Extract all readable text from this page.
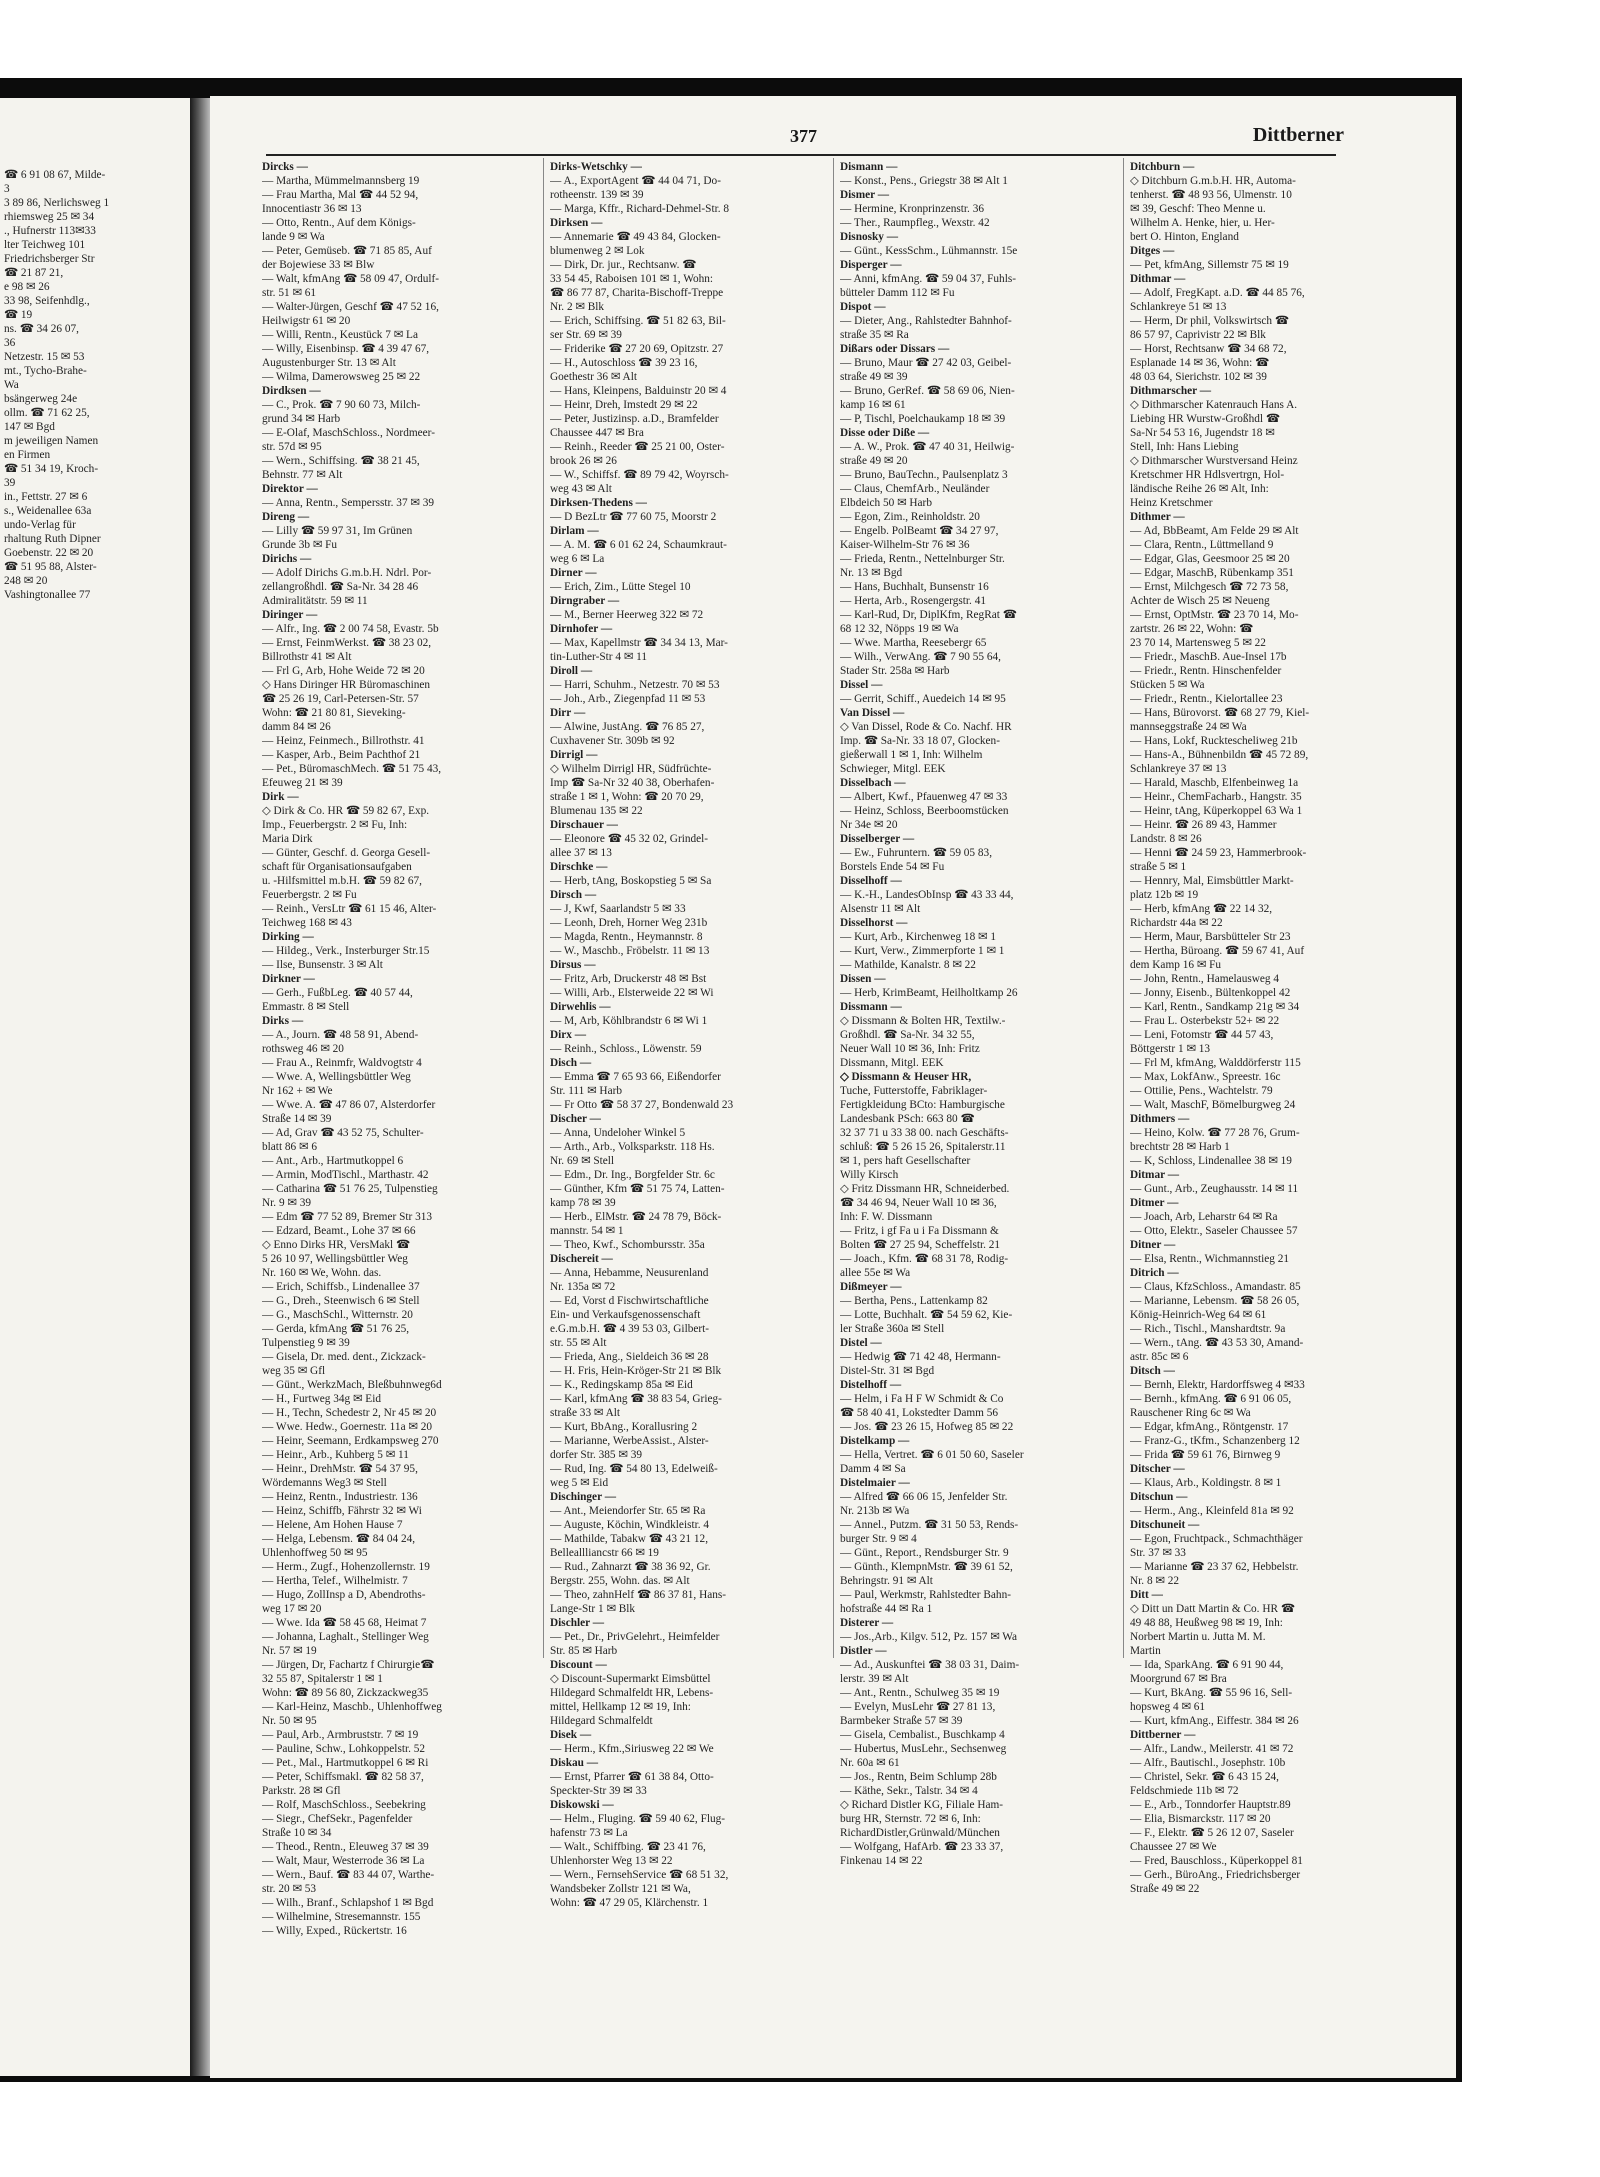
☎ 6 91 08 67, Milde-
3
3 89 86, Nerlichsweg 1
rhiemsweg 25 ✉ 34
., Hufnerstr 113✉33
lter Teichweg 101
Friedrichsberger Str
☎ 21 87 21,
e 98 ✉ 26
33 98, Seifenhdlg.,
☎ 19
ns. ☎ 34 26 07,
36
Netzestr. 15 ✉ 53
mt., Tycho-Brahe-
Wa
bsängerweg 24e
ollm. ☎ 71 62 25,
147 ✉ Bgd
m jeweiligen Namen
en Firmen
☎ 51 34 19, Kroch-
39
in., Fettstr. 27 ✉ 6
s., Weidenallee 63a
undo-Verlag für
rhaltung Ruth Dipner
Goebenstr. 22 ✉ 20
☎ 51 95 88, Alster-
248 ✉ 20
Vashingtonallee 77
377	Dittberner
Dircks —
— Martha, Mümmelmannsberg 19
— Frau Martha, Mal ☎ 44 52 94,
Innocentiastr 36 ✉ 13
— Otto, Rentn., Auf dem Königs-
lande 9 ✉ Wa
— Peter, Gemüseb. ☎ 71 85 85, Auf
der Bojewiese 33 ✉ Blw
— Walt, kfmAng ☎ 58 09 47, Ordulf-
str. 51 ✉ 61
— Walter-Jürgen, Geschf ☎ 47 52 16,
Heilwigstr 61 ✉ 20
— Willi, Rentn., Keustück 7 ✉ La
— Willy, Eisenbinsp. ☎ 4 39 47 67,
Augustenburger Str. 13 ✉ Alt
— Wilma, Damerowsweg 25 ✉ 22
Dirdksen —
— C., Prok. ☎ 7 90 60 73, Milch-
grund 34 ✉ Harb
— E-Olaf, MaschSchloss., Nordmeer-
str. 57d ✉ 95
— Wern., Schiffsing. ☎ 38 21 45,
Behnstr. 77 ✉ Alt
Direktor —
— Anna, Rentn., Sempersstr. 37 ✉ 39
Direng —
— Lilly ☎ 59 97 31, Im Grünen
Grunde 3b ✉ Fu
Dirichs —
— Adolf Dirichs G.m.b.H. Ndrl. Por-
zellangroßhdl. ☎ Sa-Nr. 34 28 46
Admiralitätstr. 59 ✉ 11
Diringer —
— Alfr., Ing. ☎ 2 00 74 58, Evastr. 5b
— Ernst, FeinmWerkst. ☎ 38 23 02,
Billrothstr 41 ✉ Alt
— Frl G, Arb, Hohe Weide 72 ✉ 20
◇ Hans Diringer HR Büromaschinen
☎ 25 26 19, Carl-Petersen-Str. 57
Wohn: ☎ 21 80 81, Sieveking-
damm 84 ✉ 26
— Heinz, Feinmech., Billrothstr. 41
— Kasper, Arb., Beim Pachthof 21
— Pet., BüromaschMech. ☎ 51 75 43,
Efeuweg 21 ✉ 39
Dirk —
◇ Dirk & Co. HR ☎ 59 82 67, Exp.
Imp., Feuerbergstr. 2 ✉ Fu, Inh:
Maria Dirk
— Günter, Geschf. d. Georga Gesell-
schaft für Organisationsaufgaben
u. -Hilfsmittel m.b.H. ☎ 59 82 67,
Feuerbergstr. 2 ✉ Fu
— Reinh., VersLtr ☎ 61 15 46, Alter-
Teichweg 168 ✉ 43
Dirking —
— Hildeg., Verk., Insterburger Str.15
— Ilse, Bunsenstr. 3 ✉ Alt
Dirkner —
— Gerh., FußbLeg. ☎ 40 57 44,
Emmastr. 8 ✉ Stell
Dirks —
— A., Journ. ☎ 48 58 91, Abend-
rothsweg 46 ✉ 20
— Frau A., Reinmfr, Waldvogtstr 4
— Wwe. A, Wellingsbüttler Weg
Nr 162 + ✉ We
— Wwe. A. ☎ 47 86 07, Alsterdorfer
Straße 14 ✉ 39
— Ad, Grav ☎ 43 52 75, Schulter-
blatt 86 ✉ 6
— Ant., Arb., Hartmutkoppel 6
— Armin, ModTischl., Marthastr. 42
— Catharina ☎ 51 76 25, Tulpenstieg
Nr. 9 ✉ 39
— Edm ☎ 77 52 89, Bremer Str 313
— Edzard, Beamt., Lohe 37 ✉ 66
◇ Enno Dirks HR, VersMakl ☎
5 26 10 97, Wellingsbüttler Weg
Nr. 160 ✉ We, Wohn. das.
— Erich, Schiffsb., Lindenallee 37
— G., Dreh., Steenwisch 6 ✉ Stell
— G., MaschSchl., Witternstr. 20
— Gerda, kfmAng ☎ 51 76 25,
Tulpenstieg 9 ✉ 39
— Gisela, Dr. med. dent., Zickzack-
weg 35 ✉ Gfl
— Günt., WerkzMach, Bleßbuhnweg6d
— H., Furtweg 34g ✉ Eid
— H., Techn, Schedestr 2, Nr 45 ✉ 20
— Wwe. Hedw., Goernestr. 11a ✉ 20
— Heinr, Seemann, Erdkampsweg 270
— Heinr., Arb., Kuhberg 5 ✉ 11
— Heinr., DrehMstr. ☎ 54 37 95,
Wördemanns Weg3 ✉ Stell
— Heinz, Rentn., Industriestr. 136
— Heinz, Schiffb, Fährstr 32 ✉ Wi
— Helene, Am Hohen Hause 7
— Helga, Lebensm. ☎ 84 04 24,
Uhlenhoffweg 50 ✉ 95
— Herm., Zugf., Hohenzollernstr. 19
— Hertha, Telef., Wilhelmistr. 7
— Hugo, ZollInsp a D, Abendroths-
weg 17 ✉ 20
— Wwe. Ida ☎ 58 45 68, Heimat 7
— Johanna, Laghalt., Stellinger Weg
Nr. 57 ✉ 19
— Jürgen, Dr, Fachartz f Chirurgie☎
32 55 87, Spitalerstr 1 ✉ 1
Wohn: ☎ 89 56 80, Zickzackweg35
— Karl-Heinz, Maschb., Uhlenhoffweg
Nr. 50 ✉ 95
— Paul, Arb., Armbruststr. 7 ✉ 19
— Pauline, Schw., Lohkoppelstr. 52
— Pet., Mal., Hartmutkoppel 6 ✉ Ri
— Peter, Schiffsmakl. ☎ 82 58 37,
Parkstr. 28 ✉ Gfl
— Rolf, MaschSchloss., Seebekring
— Siegr., ChefSekr., Pagenfelder
Straße 10 ✉ 34
— Theod., Rentn., Eleuweg 37 ✉ 39
— Walt, Maur, Westerrode 36 ✉ La
— Wern., Bauf. ☎ 83 44 07, Warthe-
str. 20 ✉ 53
— Wilh., Branf., Schlapshof 1 ✉ Bgd
— Wilhelmine, Stresemannstr. 155
— Willy, Exped., Rückertstr. 16
Dirks-Wetschky —
— A., ExportAgent ☎ 44 04 71, Do-
rotheenstr. 139 ✉ 39
— Marga, Kffr., Richard-Dehmel-Str. 8
Dirksen —
— Annemarie ☎ 49 43 84, Glocken-
blumenweg 2 ✉ Lok
— Dirk, Dr. jur., Rechtsanw. ☎
33 54 45, Raboisen 101 ✉ 1, Wohn:
☎ 86 77 87, Charita-Bischoff-Treppe
Nr. 2 ✉ Blk
— Erich, Schiffsing. ☎ 51 82 63, Bil-
ser Str. 69 ✉ 39
— Friderike ☎ 27 20 69, Opitzstr. 27
— H., Autoschloss ☎ 39 23 16,
Goethestr 36 ✉ Alt
— Hans, Kleinpens, Balduinstr 20 ✉ 4
— Heinr, Dreh, Imstedt 29 ✉ 22
— Peter, Justizinsp. a.D., Bramfelder
Chaussee 447 ✉ Bra
— Reinh., Reeder ☎ 25 21 00, Oster-
brook 26 ✉ 26
— W., Schiffsf. ☎ 89 79 42, Woyrsch-
weg 43 ✉ Alt
Dirksen-Thedens —
— D BezLtr ☎ 77 60 75, Moorstr 2
Dirlam —
— A. M. ☎ 6 01 62 24, Schaumkraut-
weg 6 ✉ La
Dirner —
— Erich, Zim., Lütte Stegel 10
Dirngraber —
— M., Berner Heerweg 322 ✉ 72
Dirnhofer —
— Max, Kapellmstr ☎ 34 34 13, Mar-
tin-Luther-Str 4 ✉ 11
Diroll —
— Harri, Schuhm., Netzestr. 70 ✉ 53
— Joh., Arb., Ziegenpfad 11 ✉ 53
Dirr —
— Alwine, JustAng. ☎ 76 85 27,
Cuxhavener Str. 309b ✉ 92
Dirrigl —
◇ Wilhelm Dirrigl HR, Südfrüchte-
Imp ☎ Sa-Nr 32 40 38, Oberhafen-
straße 1 ✉ 1, Wohn: ☎ 20 70 29,
Blumenau 135 ✉ 22
Dirschauer —
— Eleonore ☎ 45 32 02, Grindel-
allee 37 ✉ 13
Dirschke —
— Herb, tAng, Boskopstieg 5 ✉ Sa
Dirsch —
— J, Kwf, Saarlandstr 5 ✉ 33
— Leonh, Dreh, Horner Weg 231b
— Magda, Rentn., Heymannstr. 8
— W., Maschb., Fröbelstr. 11 ✉ 13
Dirsus —
— Fritz, Arb, Druckerstr 48 ✉ Bst
— Willi, Arb., Elsterweide 22 ✉ Wi
Dirwehlis —
— M, Arb, Köhlbrandstr 6 ✉ Wi 1
Dirx —
— Reinh., Schloss., Löwenstr. 59
Disch —
— Emma ☎ 7 65 93 66, Eißendorfer
Str. 111 ✉ Harb
— Fr Otto ☎ 58 37 27, Bondenwald 23
Discher —
— Anna, Undeloher Winkel 5
— Arth., Arb., Volksparkstr. 118 Hs.
Nr. 69 ✉ Stell
— Edm., Dr. Ing., Borgfelder Str. 6c
— Günther, Kfm ☎ 51 75 74, Latten-
kamp 78 ✉ 39
— Herb., ElMstr. ☎ 24 78 79, Böck-
mannstr. 54 ✉ 1
— Theo, Kwf., Schombursstr. 35a
Dischereit —
— Anna, Hebamme, Neusurenland
Nr. 135a ✉ 72
— Ed, Vorst d Fischwirtschaftliche
Ein- und Verkaufsgenossenschaft
e.G.m.b.H. ☎ 4 39 53 03, Gilbert-
str. 55 ✉ Alt
— Frieda, Ang., Sieldeich 36 ✉ 28
— H. Fris, Hein-Kröger-Str 21 ✉ Blk
— K., Redingskamp 85a ✉ Eid
— Karl, kfmAng ☎ 38 83 54, Grieg-
straße 33 ✉ Alt
— Kurt, BbAng., Korallusring 2
— Marianne, WerbeAssist., Alster-
dorfer Str. 385 ✉ 39
— Rud, Ing. ☎ 54 80 13, Edelweiß-
weg 5 ✉ Eid
Dischinger —
— Ant., Meiendorfer Str. 65 ✉ Ra
— Auguste, Köchin, Windkleistr. 4
— Mathilde, Tabakw ☎ 43 21 12,
Belleallliancstr 66 ✉ 19
— Rud., Zahnarzt ☎ 38 36 92, Gr.
Bergstr. 255, Wohn. das. ✉ Alt
— Theo, zahnHelf ☎ 86 37 81, Hans-
Lange-Str 1 ✉ Blk
Dischler —
— Pet., Dr., PrivGelehrt., Heimfelder
Str. 85 ✉ Harb
Discount —
◇ Discount-Supermarkt Eimsbüttel
Hildegard Schmalfeldt HR, Lebens-
mittel, Hellkamp 12 ✉ 19, Inh:
Hildegard Schmalfeldt
Disek —
— Herm., Kfm.,Siriusweg 22 ✉ We
Diskau —
— Ernst, Pfarrer ☎ 61 38 84, Otto-
Speckter-Str 39 ✉ 33
Diskowski —
— Helm., Fluging. ☎ 59 40 62, Flug-
hafenstr 73 ✉ La
— Walt., Schiffbing. ☎ 23 41 76,
Uhlenhorster Weg 13 ✉ 22
— Wern., FernsehService ☎ 68 51 32,
Wandsbeker Zollstr 121 ✉ Wa,
Wohn: ☎ 47 29 05, Klärchenstr. 1
Dismann —
— Konst., Pens., Griegstr 38 ✉ Alt 1
Dismer —
— Hermine, Kronprinzenstr. 36
— Ther., Raumpfleg., Wexstr. 42
Disnosky —
— Günt., KessSchm., Lühmannstr. 15e
Disperger —
— Anni, kfmAng. ☎ 59 04 37, Fuhls-
bütteler Damm 112 ✉ Fu
Dispot —
— Dieter, Ang., Rahlstedter Bahnhof-
straße 35 ✉ Ra
Dißars oder Dissars —
— Bruno, Maur ☎ 27 42 03, Geibel-
straße 49 ✉ 39
— Bruno, GerRef. ☎ 58 69 06, Nien-
kamp 16 ✉ 61
— P, Tischl, Poelchaukamp 18 ✉ 39
Disse oder Diße —
— A. W., Prok. ☎ 47 40 31, Heilwig-
straße 49 ✉ 20
— Bruno, BauTechn., Paulsenplatz 3
— Claus, ChemfArb., Neuländer
Elbdeich 50 ✉ Harb
— Egon, Zim., Reinholdstr. 20
— Engelb. PolBeamt ☎ 34 27 97,
Kaiser-Wilhelm-Str 76 ✉ 36
— Frieda, Rentn., Nettelnburger Str.
Nr. 13 ✉ Bgd
— Hans, Buchhalt, Bunsenstr 16
— Herta, Arb., Rosengergstr. 41
— Karl-Rud, Dr, DiplKfm, RegRat ☎
68 12 32, Nöpps 19 ✉ Wa
— Wwe. Martha, Reesebergr 65
— Wilh., VerwAng. ☎ 7 90 55 64,
Stader Str. 258a ✉ Harb
Dissel —
— Gerrit, Schiff., Auedeich 14 ✉ 95
Van Dissel —
◇ Van Dissel, Rode & Co. Nachf. HR
Imp. ☎ Sa-Nr. 33 18 07, Glocken-
gießerwall 1 ✉ 1, Inh: Wilhelm
Schwieger, Mitgl. EEK
Disselbach —
— Albert, Kwf., Pfauenweg 47 ✉ 33
— Heinz, Schloss, Beerboomstücken
Nr 34e ✉ 20
Disselberger —
— Ew., Fuhruntern. ☎ 59 05 83,
Borstels Ende 54 ✉ Fu
Disselhoff —
— K.-H., LandesObInsp ☎ 43 33 44,
Alsenstr 11 ✉ Alt
Disselhorst —
— Kurt, Arb., Kirchenweg 18 ✉ 1
— Kurt, Verw., Zimmerpforte 1 ✉ 1
— Mathilde, Kanalstr. 8 ✉ 22
Dissen —
— Herb, KrimBeamt, Heilholtkamp 26
Dissmann —
◇ Dissmann & Bolten HR, Textilw.-
Großhdl. ☎ Sa-Nr. 34 32 55,
Neuer Wall 10 ✉ 36, Inh: Fritz
Dissmann, Mitgl. EEK
◇ Dissmann & Heuser HR,
Tuche, Futterstoffe, Fabriklager-
Fertigkleidung BCto: Hamburgische
Landesbank PSch: 663 80 ☎
32 37 71 u 33 38 00. nach Geschäfts-
schluß: ☎ 5 26 15 26, Spitalerstr.11
✉ 1, pers haft Gesellschafter
Willy Kirsch
◇ Fritz Dissmann HR, Schneiderbed.
☎ 34 46 94, Neuer Wall 10 ✉ 36,
Inh: F. W. Dissmann
— Fritz, i gf Fa u i Fa Dissmann &
Bolten ☎ 27 25 94, Scheffelstr. 21
— Joach., Kfm. ☎ 68 31 78, Rodig-
allee 55e ✉ Wa
Dißmeyer —
— Bertha, Pens., Lattenkamp 82
— Lotte, Buchhalt. ☎ 54 59 62, Kie-
ler Straße 360a ✉ Stell
Distel —
— Hedwig ☎ 71 42 48, Hermann-
Distel-Str. 31 ✉ Bgd
Distelhoff —
— Helm, i Fa H F W Schmidt & Co
☎ 58 40 41, Lokstedter Damm 56
— Jos. ☎ 23 26 15, Hofweg 85 ✉ 22
Distelkamp —
— Hella, Vertret. ☎ 6 01 50 60, Saseler
Damm 4 ✉ Sa
Distelmaier —
— Alfred ☎ 66 06 15, Jenfelder Str.
Nr. 213b ✉ Wa
— Annel., Putzm. ☎ 31 50 53, Rends-
burger Str. 9 ✉ 4
— Günt., Report., Rendsburger Str. 9
— Günth., KlempnMstr. ☎ 39 61 52,
Behringstr. 91 ✉ Alt
— Paul, Werkmstr, Rahlstedter Bahn-
hofstraße 44 ✉ Ra 1
Disterer —
— Jos.,Arb., Kilgv. 512, Pz. 157 ✉ Wa
Distler —
— Ad., Auskunftei ☎ 38 03 31, Daim-
lerstr. 39 ✉ Alt
— Ant., Rentn., Schulweg 35 ✉ 19
— Evelyn, MusLehr ☎ 27 81 13,
Barmbeker Straße 57 ✉ 39
— Gisela, Cembalist., Buschkamp 4
— Hubertus, MusLehr., Sechsenweg
Nr. 60a ✉ 61
— Jos., Rentn, Beim Schlump 28b
— Käthe, Sekr., Talstr. 34 ✉ 4
◇ Richard Distler KG, Filiale Ham-
burg HR, Sternstr. 72 ✉ 6, Inh:
RichardDistler,Grünwald/München
— Wolfgang, HafArb. ☎ 23 33 37,
Finkenau 14 ✉ 22
Ditchburn —
◇ Ditchburn G.m.b.H. HR, Automa-
tenherst. ☎ 48 93 56, Ulmenstr. 10
✉ 39, Geschf: Theo Menne u.
Wilhelm A. Henke, hier, u. Her-
bert O. Hinton, England
Ditges —
— Pet, kfmAng, Sillemstr 75 ✉ 19
Dithmar —
— Adolf, FregKapt. a.D. ☎ 44 85 76,
Schlankreye 51 ✉ 13
— Herm, Dr phil, Volkswirtsch ☎
86 57 97, Caprivistr 22 ✉ Blk
— Horst, Rechtsanw ☎ 34 68 72,
Esplanade 14 ✉ 36, Wohn: ☎
48 03 64, Sierichstr. 102 ✉ 39
Dithmarscher —
◇ Dithmarscher Katenrauch Hans A.
Liebing HR Wurstw-Großhdl ☎
Sa-Nr 54 53 16, Jugendstr 18 ✉
Stell, Inh: Hans Liebing
◇ Dithmarscher Wurstversand Heinz
Kretschmer HR Hdlsvertrgn, Hol-
ländische Reihe 26 ✉ Alt, Inh:
Heinz Kretschmer
Dithmer —
— Ad, BbBeamt, Am Felde 29 ✉ Alt
— Clara, Rentn., Lüttmelland 9
— Edgar, Glas, Geesmoor 25 ✉ 20
— Edgar, MaschB, Rübenkamp 351
— Ernst, Milchgesch ☎ 72 73 58,
Achter de Wisch 25 ✉ Neueng
— Ernst, OptMstr. ☎ 23 70 14, Mo-
zartstr. 26 ✉ 22, Wohn: ☎
23 70 14, Martensweg 5 ✉ 22
— Friedr., MaschB. Aue-Insel 17b
— Friedr., Rentn. Hinschenfelder
Stücken 5 ✉ Wa
— Friedr., Rentn., Kielortallee 23
— Hans, Bürovorst. ☎ 68 27 79, Kiel-
mannseggstraße 24 ✉ Wa
— Hans, Lokf, Rucktescheliweg 21b
— Hans-A., Bühnenbildn ☎ 45 72 89,
Schlankreye 37 ✉ 13
— Harald, Maschb, Elfenbeinweg 1a
— Heinr., ChemFacharb., Hangstr. 35
— Heinr, tAng, Küperkoppel 63 Wa 1
— Heinr. ☎ 26 89 43, Hammer
Landstr. 8 ✉ 26
— Henni ☎ 24 59 23, Hammerbrook-
straße 5 ✉ 1
— Hennry, Mal, Eimsbüttler Markt-
platz 12b ✉ 19
— Herb, kfmAng ☎ 22 14 32,
Richardstr 44a ✉ 22
— Herm, Maur, Barsbütteler Str 23
— Hertha, Büroang. ☎ 59 67 41, Auf
dem Kamp 16 ✉ Fu
— John, Rentn., Hamelausweg 4
— Jonny, Eisenb., Bültenkoppel 42
— Karl, Rentn., Sandkamp 21g ✉ 34
— Frau L. Osterbekstr 52+ ✉ 22
— Leni, Fotomstr ☎ 44 57 43,
Böttgerstr 1 ✉ 13
— Frl M, kfmAng, Walddörferstr 115
— Max, LokfAnw., Spreestr. 16c
— Ottilie, Pens., Wachtelstr. 79
— Walt, MaschF, Bömelburgweg 24
Dithmers —
— Heino, Kolw. ☎ 77 28 76, Grum-
brechtstr 28 ✉ Harb 1
— K, Schloss, Lindenallee 38 ✉ 19
Ditmar —
— Gunt., Arb., Zeughausstr. 14 ✉ 11
Ditmer —
— Joach, Arb, Leharstr 64 ✉ Ra
— Otto, Elektr., Saseler Chaussee 57
Ditner —
— Elsa, Rentn., Wichmannstieg 21
Ditrich —
— Claus, KfzSchloss., Amandastr. 85
— Marianne, Lebensm. ☎ 58 26 05,
König-Heinrich-Weg 64 ✉ 61
— Rich., Tischl., Manshardtstr. 9a
— Wern., tAng. ☎ 43 53 30, Amand-
astr. 85c ✉ 6
Ditsch —
— Bernh, Elektr, Hardorffsweg 4 ✉33
— Bernh., kfmAng. ☎ 6 91 06 05,
Rauschener Ring 6c ✉ Wa
— Edgar, kfmAng., Röntgenstr. 17
— Franz-G., tKfm., Schanzenberg 12
— Frida ☎ 59 61 76, Birnweg 9
Ditscher —
— Klaus, Arb., Koldingstr. 8 ✉ 1
Ditschun —
— Herm., Ang., Kleinfeld 81a ✉ 92
Ditschuneit —
— Egon, Fruchtpack., Schmachthäger
Str. 37 ✉ 33
— Marianne ☎ 23 37 62, Hebbelstr.
Nr. 8 ✉ 22
Ditt —
◇ Ditt un Datt Martin & Co. HR ☎
49 48 88, Heußweg 98 ✉ 19, Inh:
Norbert Martin u. Jutta M. M.
Martin
— Ida, SparkAng. ☎ 6 91 90 44,
Moorgrund 67 ✉ Bra
— Kurt, BkAng. ☎ 55 96 16, Sell-
hopsweg 4 ✉ 61
— Kurt, kfmAng., Eiffestr. 384 ✉ 26
Dittberner —
— Alfr., Landw., Meilerstr. 41 ✉ 72
— Alfr., Bautischl., Josephstr. 10b
— Christel, Sekr. ☎ 6 43 15 24,
Feldschmiede 11b ✉ 72
— E., Arb., Tonndorfer Hauptstr.89
— Elia, Bismarckstr. 117 ✉ 20
— F., Elektr. ☎ 5 26 12 07, Saseler
Chaussee 27 ✉ We
— Fred, Bauschloss., Küperkoppel 81
— Gerh., BüroAng., Friedrichsberger
Straße 49 ✉ 22
